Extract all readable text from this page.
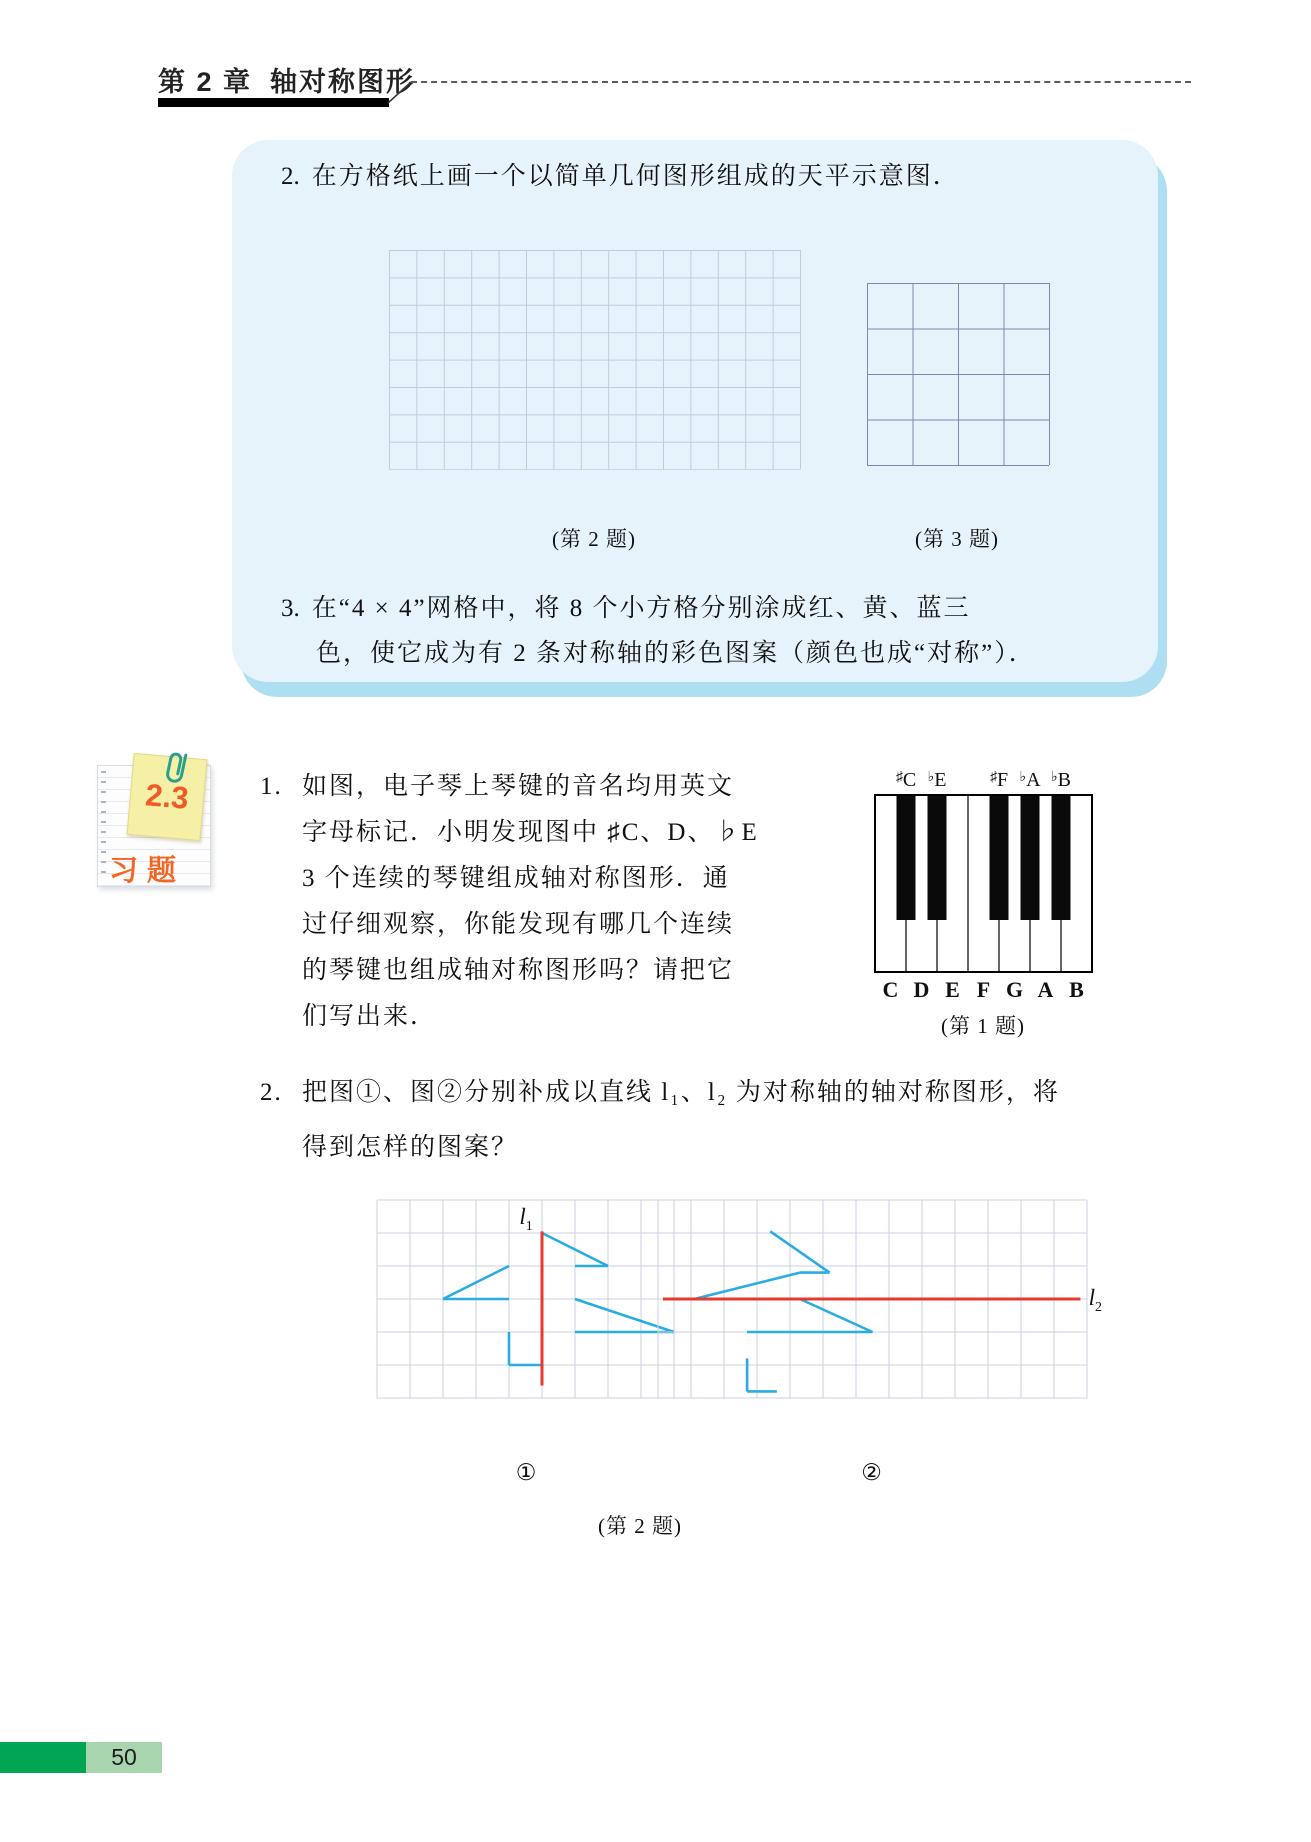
第 2 章 轴对称图形
2. 在方格纸上画一个以简单几何图形组成的天平示意图．
(第 2 题)	(第 3 题)
3. 在“4 × 4”网格中，将 8 个小方格分别涂成红、黄、蓝三
色，使它成为有 2 条对称轴的彩色图案（颜色也成“对称”）．
2.3
习题
1. 如图，电子琴上琴键的音名均用英文
字母标记．小明发现图中 ♯C、D、♭E
3 个连续的琴键组成轴对称图形．通
过仔细观察，你能发现有哪几个连续
的琴键也组成轴对称图形吗？请把它
们写出来．
♯C ♭E	♯F ♭A ♭B
C D E F G A B
(第 1 题)
2. 把图①、图②分别补成以直线 l₁、l₂ 为对称轴的轴对称图形，将
得到怎样的图案？
$l_1$
$l_2$
①	②
(第 2 题)
50
